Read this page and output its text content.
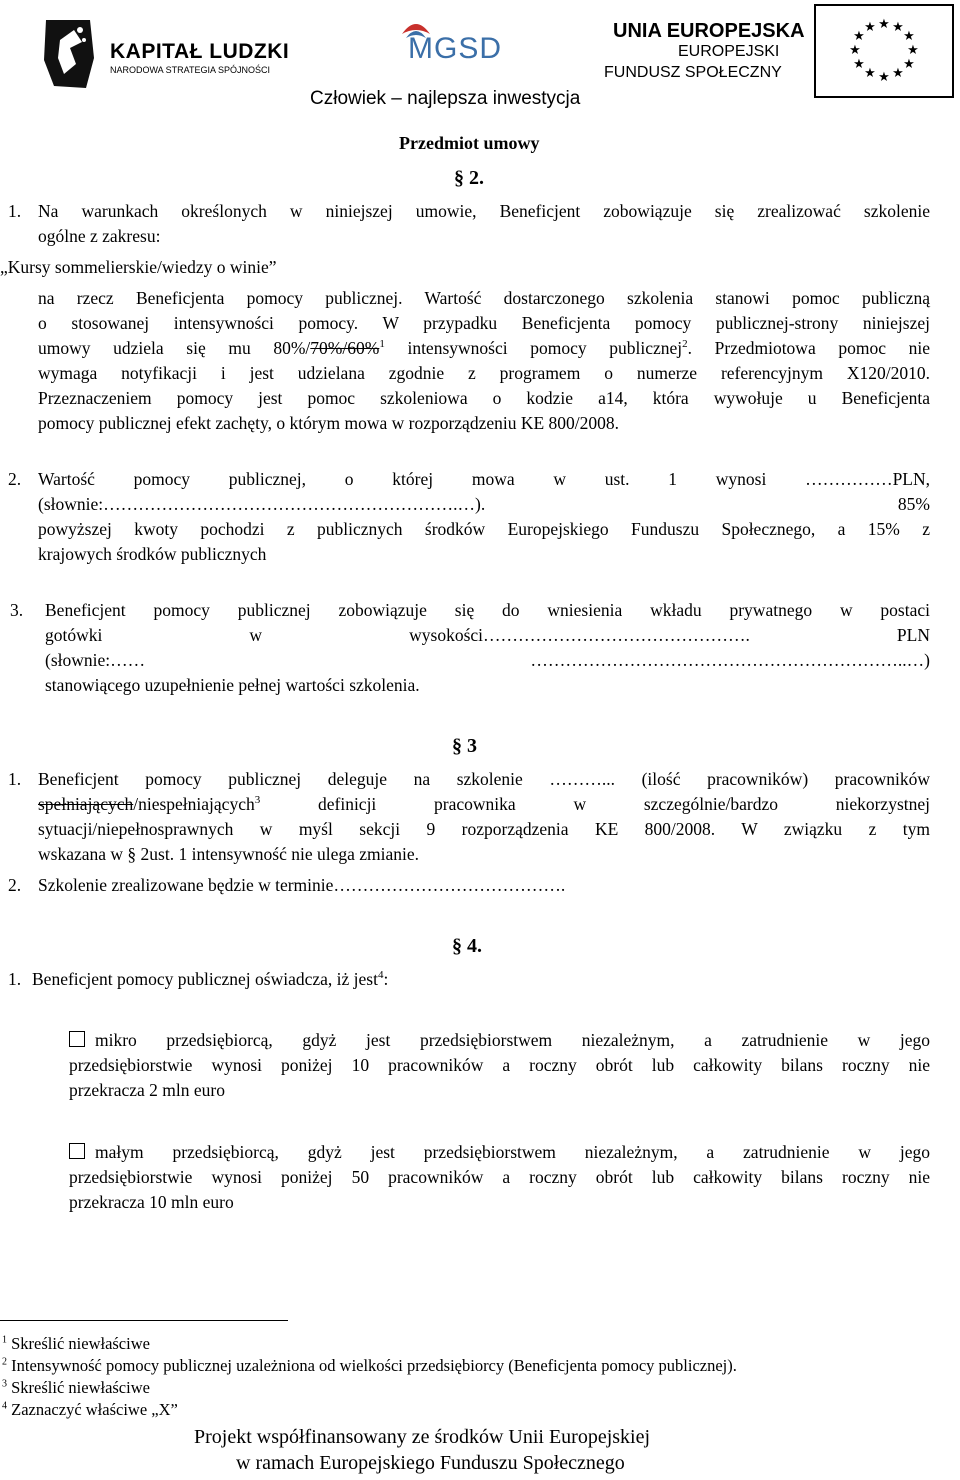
KAPITAŁ LUDZKI
NARODOWA STRATEGIA SPÓJNOŚCI
MGSD
UNIA EUROPEJSKA
EUROPEJSKI
FUNDUSZ SPOŁECZNY
★ ★
★
★
★
★
★
★
★
★
★
★
Człowiek – najlepsza inwestycja
Przedmiot umowy
§ 2.
1. Na warunkach określonych w niniejszej umowie, Beneficjent zobowiązuje się zrealizować szkolenie
ogólne z zakresu:
„Kursy sommelierskie/wiedzy o winie”
na rzecz Beneficjenta pomocy publicznej. Wartość dostarczonego szkolenia stanowi pomoc publiczną
o stosowanej intensywności pomocy. W przypadku Beneficjenta pomocy publicznej-strony niniejszej
umowy udziela się mu 80%/70%/60%$^1$ intensywności pomocy publicznej$^2$. Przedmiotowa pomoc nie
wymaga notyfikacji i jest udzielana zgodnie z programem o numerze referencyjnym X120/2010.
Przeznaczeniem pomocy jest pomoc szkoleniowa o kodzie a14, która wywołuje u Beneficjenta
pomocy publicznej efekt zachęty, o którym mowa w rozporządzeniu KE 800/2008.
2. Wartość pomocy publicznej, o której mowa w ust. 1 wynosi ……………PLN,
(słownie:…………………………………………………….…). 85%
powyższej kwoty pochodzi z publicznych środków Europejskiego Funduszu Społecznego, a 15% z
krajowych środków publicznych
3. Beneficjent pomocy publicznej zobowiązuje się do wniesienia wkładu prywatnego w postaci
gotówki w wysokości………………………………………. PLN
(słownie:…… ………………………………………………………..…)
stanowiącego uzupełnienie pełnej wartości szkolenia.
§ 3
1. Beneficjent pomocy publicznej deleguje na szkolenie ………... (ilość pracowników) pracowników
spełniających/niespełniających$^3$ definicji pracownika w szczególnie/bardzo niekorzystnej
sytuacji/niepełnosprawnych w myśl sekcji 9 rozporządzenia KE 800/2008. W związku z tym
wskazana w § 2ust. 1 intensywność nie ulega zmianie.
2. Szkolenie zrealizowane będzie w terminie………………………………….
§ 4.
1. Beneficjent pomocy publicznej oświadcza, iż jest$^4$:
mikro przedsiębiorcą, gdyż jest przedsiębiorstwem niezależnym, a zatrudnienie w jego
przedsiębiorstwie wynosi poniżej 10 pracowników a roczny obrót lub całkowity bilans roczny nie
przekracza 2 mln euro
małym przedsiębiorcą, gdyż jest przedsiębiorstwem niezależnym, a zatrudnienie w jego
przedsiębiorstwie wynosi poniżej 50 pracowników a roczny obrót lub całkowity bilans roczny nie
przekracza 10 mln euro
$^1$ Skreślić niewłaściwe
$^2$ Intensywność pomocy publicznej uzależniona od wielkości przedsiębiorcy (Beneficjenta pomocy publicznej).
$^3$ Skreślić niewłaściwe
$^4$ Zaznaczyć właściwe „X”
Projekt współfinansowany ze środków Unii Europejskiej
w ramach Europejskiego Funduszu Społecznego
